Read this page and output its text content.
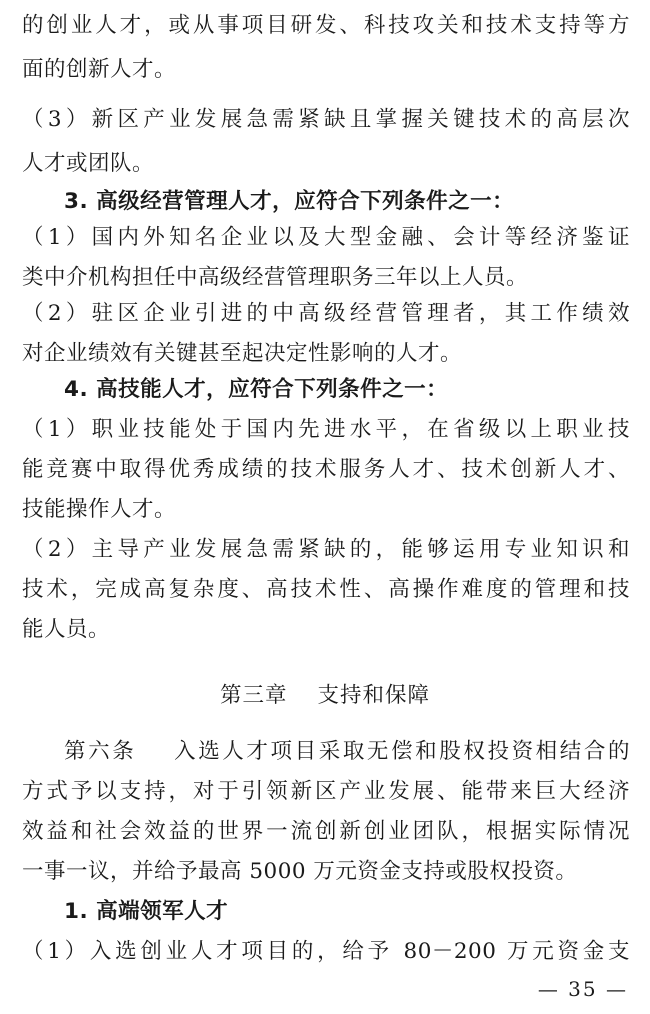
的创业人才，或从事项目研发、科技攻关和技术支持等方
面的创新人才。
（3）新区产业发展急需紧缺且掌握关键技术的高层次
人才或团队。
3. 高级经营管理人才，应符合下列条件之一：
（1）国内外知名企业以及大型金融、会计等经济鉴证
类中介机构担任中高级经营管理职务三年以上人员。
（2）驻区企业引进的中高级经营管理者，其工作绩效
对企业绩效有关键甚至起决定性影响的人才。
4. 高技能人才，应符合下列条件之一：
（1）职业技能处于国内先进水平，在省级以上职业技
能竞赛中取得优秀成绩的技术服务人才、技术创新人才、
技能操作人才。
（2）主导产业发展急需紧缺的，能够运用专业知识和
技术，完成高复杂度、高技术性、高操作难度的管理和技
能人员。
第三章 支持和保障
第六条 入选人才项目采取无偿和股权投资相结合的
方式予以支持，对于引领新区产业发展、能带来巨大经济
效益和社会效益的世界一流创新创业团队，根据实际情况
一事一议，并给予最高 5000 万元资金支持或股权投资。
1. 高端领军人才
（1）入选创业人才项目的，给予 80－200 万元资金支
— 35 —
